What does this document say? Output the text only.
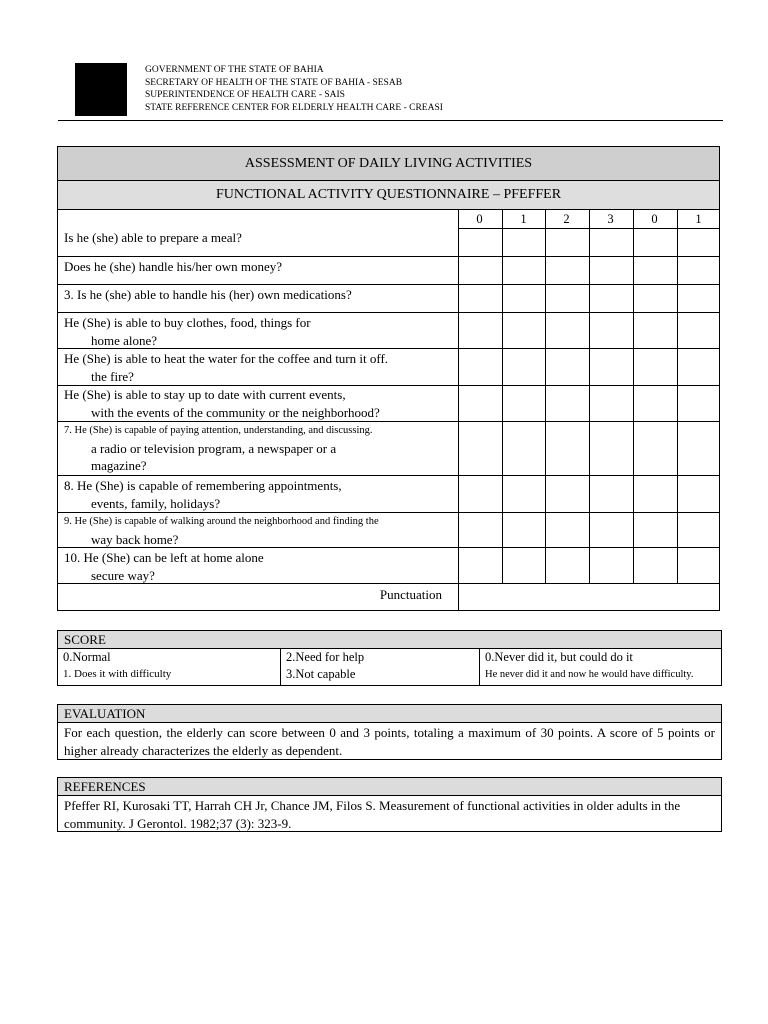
GOVERNMENT OF THE STATE OF BAHIA
SECRETARY OF HEALTH OF THE STATE OF BAHIA - SESAB
SUPERINTENDENCE OF HEALTH CARE - SAIS
STATE REFERENCE CENTER FOR ELDERLY HEALTH CARE - CREASI
ASSESSMENT OF DAILY LIVING ACTIVITIES
FUNCTIONAL ACTIVITY QUESTIONNAIRE – PFEFFER
0	1	2	3	0	1
Is he (she) able to prepare a meal?
Does he (she) handle his/her own money?
3. Is he (she) able to handle his (her) own medications?
He (She) is able to buy clothes, food, things for
home alone?
He (She) is able to heat the water for the coffee and turn it off.
the fire?
He (She) is able to stay up to date with current events,
with the events of the community or the neighborhood?
7. He (She) is capable of paying attention, understanding, and discussing.
a radio or television program, a newspaper or a
magazine?
8. He (She) is capable of remembering appointments,
events, family, holidays?
9. He (She) is capable of walking around the neighborhood and finding the
way back home?
10. He (She) can be left at home alone
secure way?
Punctuation
SCORE
0.Normal
1. Does it with difficulty
2.Need for help
3.Not capable
0.Never did it, but could do it
He never did it and now he would have difficulty.
EVALUATION
For each question, the elderly can score between 0 and 3 points, totaling a maximum of 30 points. A score of 5 points or higher already characterizes the elderly as dependent.
REFERENCES
Pfeffer RI, Kurosaki TT, Harrah CH Jr, Chance JM, Filos S. Measurement of functional activities in older adults in the community. J Gerontol. 1982;37 (3): 323-9.
